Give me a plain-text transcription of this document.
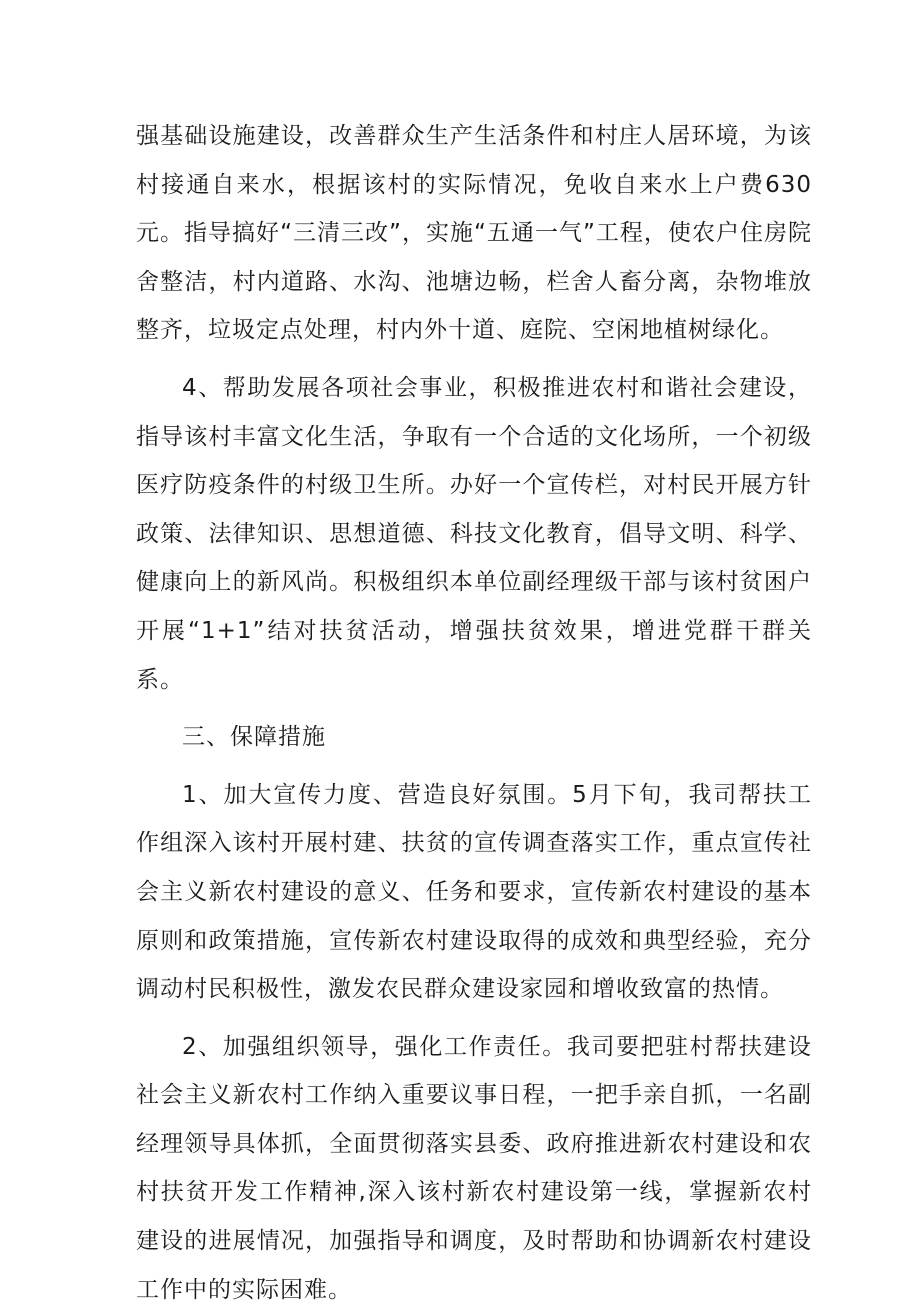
强基础设施建设，改善群众生产生活条件和村庄人居环境，为该村接通自来水，根据该村的实际情况，免收自来水上户费630元。指导搞好“三清三改”，实施“五通一气”工程，使农户住房院舍整洁，村内道路、水沟、池塘边畅，栏舍人畜分离，杂物堆放整齐，垃圾定点处理，村内外十道、庭院、空闲地植树绿化。

4、帮助发展各项社会事业，积极推进农村和谐社会建设，指导该村丰富文化生活，争取有一个合适的文化场所，一个初级医疗防疫条件的村级卫生所。办好一个宣传栏，对村民开展方针政策、法律知识、思想道德、科技文化教育，倡导文明、科学、健康向上的新风尚。积极组织本单位副经理级干部与该村贫困户开展“1+1”结对扶贫活动，增强扶贫效果，增进党群干群关系。

三、保障措施

1、加大宣传力度、营造良好氛围。5月下旬，我司帮扶工作组深入该村开展村建、扶贫的宣传调查落实工作，重点宣传社会主义新农村建设的意义、任务和要求，宣传新农村建设的基本原则和政策措施，宣传新农村建设取得的成效和典型经验，充分调动村民积极性，激发农民群众建设家园和增收致富的热情。

2、加强组织领导，强化工作责任。我司要把驻村帮扶建设社会主义新农村工作纳入重要议事日程，一把手亲自抓，一名副经理领导具体抓，全面贯彻落实县委、政府推进新农村建设和农村扶贫开发工作精神,深入该村新农村建设第一线，掌握新农村建设的进展情况，加强指导和调度，及时帮助和协调新农村建设工作中的实际困难。
